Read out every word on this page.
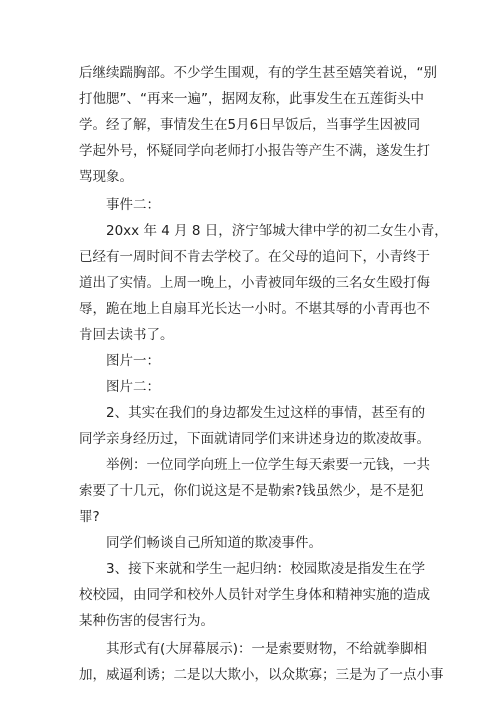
后继续踹胸部。不少学生围观，有的学生甚至嬉笑着说，“别
打他腮”、“再来一遍”，据网友称，此事发生在五莲街头中
学。经了解，事情发生在5月6日早饭后，当事学生因被同
学起外号，怀疑同学向老师打小报告等产生不满，遂发生打
骂现象。
事件二：
20xx 年 4 月 8 日，济宁邹城大律中学的初二女生小青，
已经有一周时间不肯去学校了。在父母的追问下，小青终于
道出了实情。上周一晚上，小青被同年级的三名女生殴打侮
辱，跪在地上自扇耳光长达一小时。不堪其辱的小青再也不
肯回去读书了。
图片一：
图片二：
2、其实在我们的身边都发生过这样的事情，甚至有的
同学亲身经历过，下面就请同学们来讲述身边的欺凌故事。
举例：一位同学向班上一位学生每天索要一元钱，一共
索要了十几元，你们说这是不是勒索?钱虽然少，是不是犯
罪?
同学们畅谈自己所知道的欺凌事件。
3、接下来就和学生一起归纳：校园欺凌是指发生在学
校校园，由同学和校外人员针对学生身体和精神实施的造成
某种伤害的侵害行为。
其形式有(大屏幕展示)：一是索要财物，不给就拳脚相
加，威逼利诱；二是以大欺小，以众欺寡；三是为了一点小事
